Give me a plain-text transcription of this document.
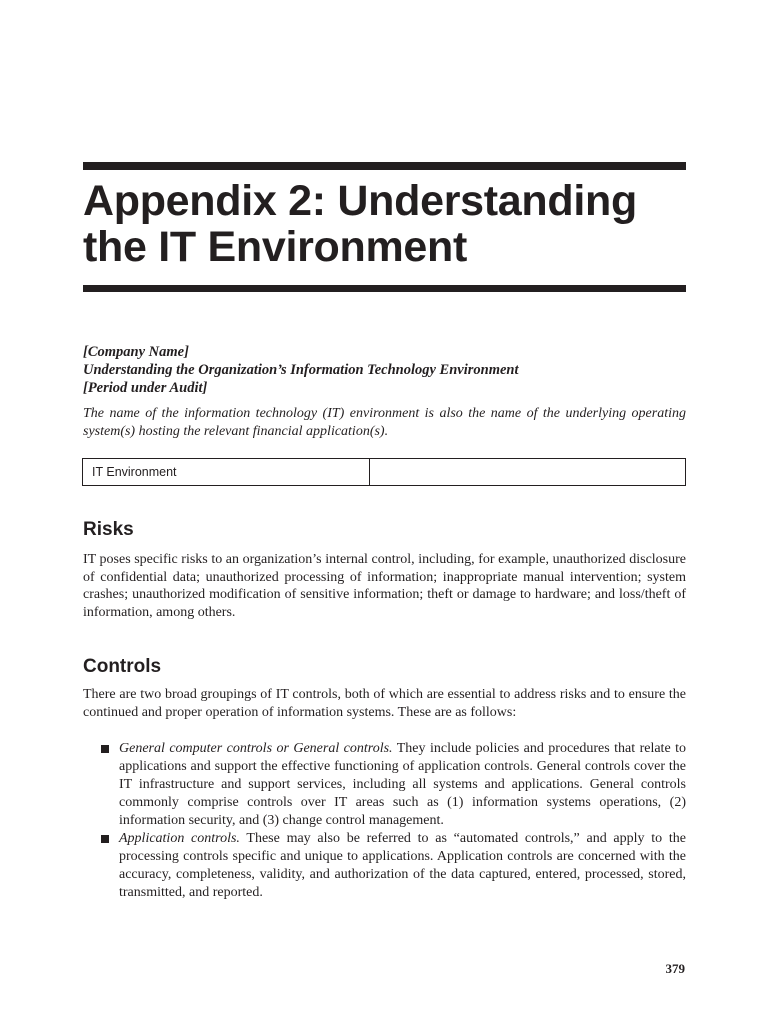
Appendix 2: Understanding
the IT Environment
[Company Name]
Understanding the Organization’s Information Technology Environment
[Period under Audit]
The name of the information technology (IT) environment is also the name of the underlying operating system(s) hosting the relevant financial application(s).
IT Environment
Risks
IT poses specific risks to an organization’s internal control, including, for example, unauthorized disclosure of confidential data; unauthorized processing of information; inappropriate manual intervention; system crashes; unauthorized modification of sensitive information; theft or damage to hardware; and loss/theft of information, among others.
Controls
There are two broad groupings of IT controls, both of which are essential to address risks and to ensure the continued and proper operation of information systems. These are as follows:
General computer controls or General controls. They include policies and procedures that relate to applications and support the effective functioning of application controls. General controls cover the IT infrastructure and support services, including all systems and applications. General controls commonly comprise controls over IT areas such as (1) information systems operations, (2) information security, and (3) change control management.
Application controls. These may also be referred to as “automated controls,” and apply to the processing controls specific and unique to applications. Application controls are concerned with the accuracy, completeness, validity, and authorization of the data captured, entered, processed, stored, transmitted, and reported.
379
